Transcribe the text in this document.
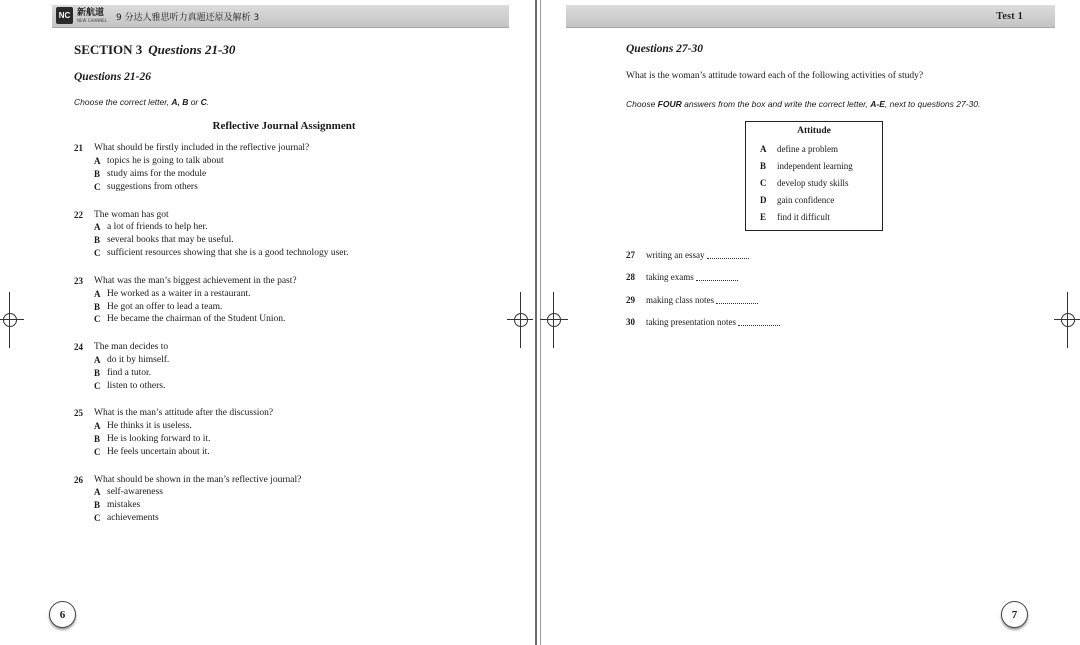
NC 新航道
NEW CHANNEL 9 分达人雅思听力真题还原及解析 3
SECTION 3 Questions 21-30
Questions 21-26
Choose the correct letter, A, B or C.
Reflective Journal Assignment
21	What should be firstly included in the reflective journal?
A topics he is going to talk about
B study aims for the module
C suggestions from others
22	The woman has got
A a lot of friends to help her.
B several books that may be useful.
C sufficient resources showing that she is a good technology user.
23	What was the man’s biggest achievement in the past?
A He worked as a waiter in a restaurant.
B He got an offer to lead a team.
C He became the chairman of the Student Union.
24	The man decides to
A do it by himself.
B find a tutor.
C listen to others.
25	What is the man’s attitude after the discussion?
A He thinks it is useless.
B He is looking forward to it.
C He feels uncertain about it.
26	What should be shown in the man’s reflective journal?
A self-awareness
B mistakes
C achievements
6
Test 1
Questions 27-30
What is the woman’s attitude toward each of the following activities of study?
Choose FOUR answers from the box and write the correct letter, A-E, next to questions 27-30.
Attitude
A	define a problem
B	independent learning
C	develop study skills
D	gain confidence
E	find it difficult
27	writing an essay
28	taking exams
29	making class notes
30	taking presentation notes
7
